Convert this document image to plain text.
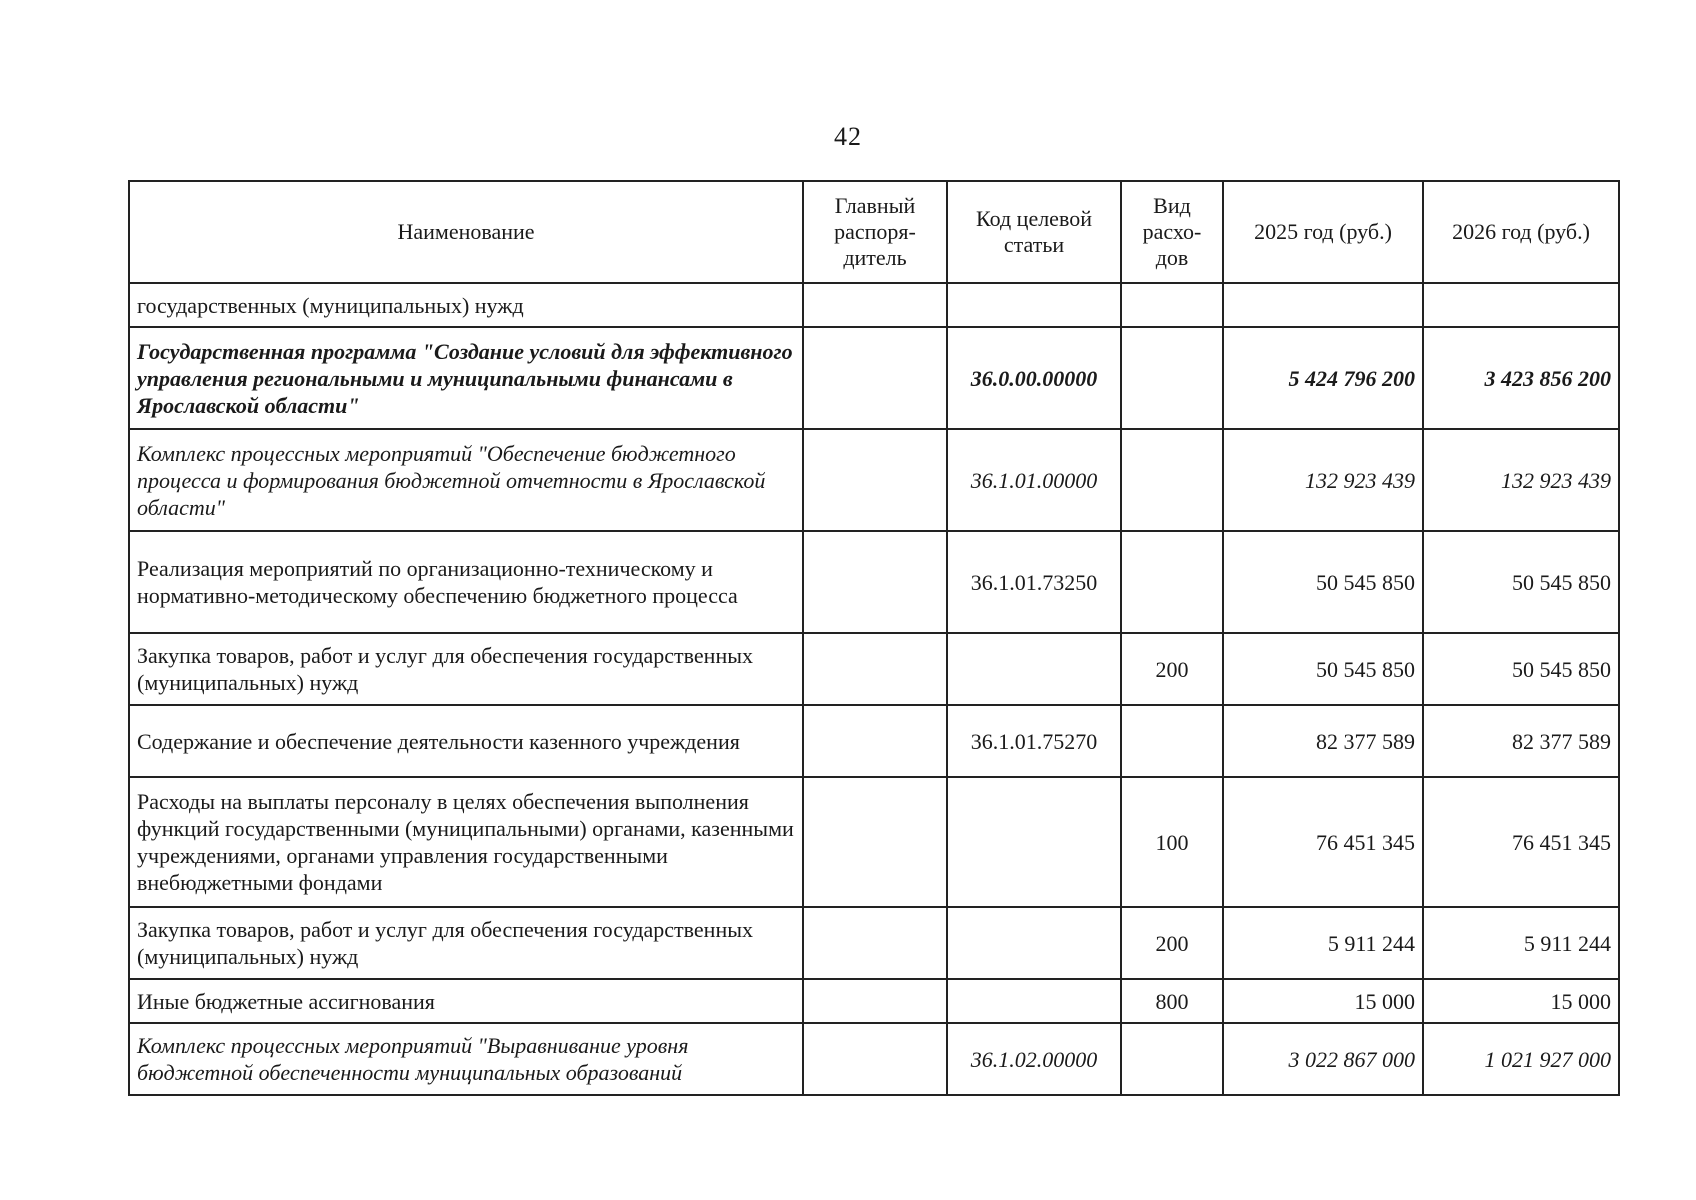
42
Наименование	Главный распоря-дитель	Код целевой статьи	Вид расхо-дов	2025 год (руб.)	2026 год (руб.)
государственных (муниципальных) нужд					
Государственная программа "Создание условий для эффективного управления региональными и муниципальными финансами в Ярославской области"		36.0.00.00000		5 424 796 200	3 423 856 200
Комплекс процессных мероприятий "Обеспечение бюджетного процесса и формирования бюджетной отчетности в Ярославской области"		36.1.01.00000		132 923 439	132 923 439
Реализация мероприятий по организационно-техническому и нормативно-методическому обеспечению бюджетного процесса		36.1.01.73250		50 545 850	50 545 850
Закупка товаров, работ и услуг для обеспечения государственных (муниципальных) нужд			200	50 545 850	50 545 850
Содержание и обеспечение деятельности казенного учреждения		36.1.01.75270		82 377 589	82 377 589
Расходы на выплаты персоналу в целях обеспечения выполнения функций государственными (муниципальными) органами, казенными учреждениями, органами управления государственными внебюджетными фондами			100	76 451 345	76 451 345
Закупка товаров, работ и услуг для обеспечения государственных (муниципальных) нужд			200	5 911 244	5 911 244
Иные бюджетные ассигнования			800	15 000	15 000
Комплекс процессных мероприятий "Выравнивание уровня бюджетной обеспеченности муниципальных образований		36.1.02.00000		3 022 867 000	1 021 927 000
